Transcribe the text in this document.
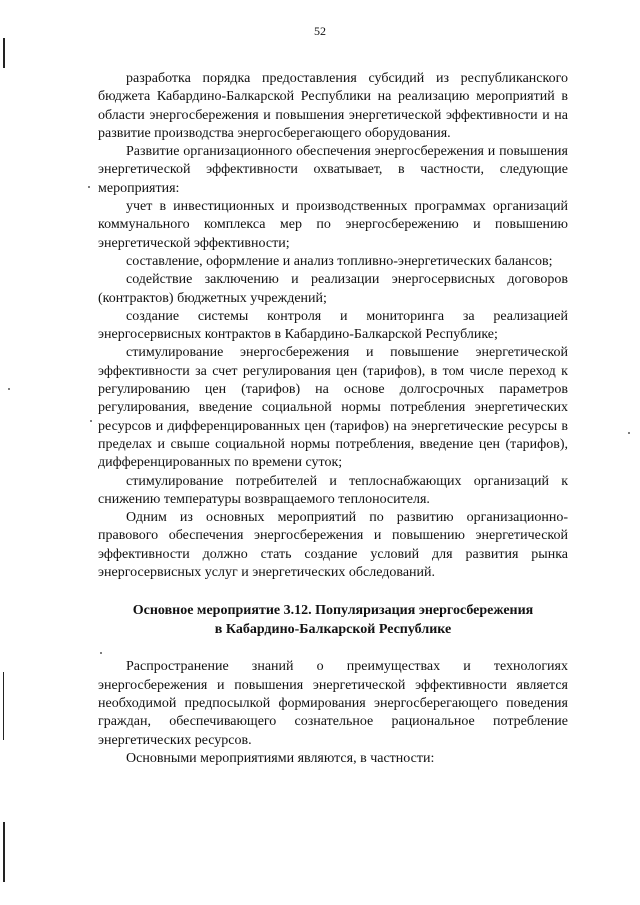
52

разработка порядка предоставления субсидий из республиканского бюджета Кабардино-Балкарской Республики на реализацию мероприятий в области энергосбережения и повышения энергетической эффективности и на развитие производства энергосберегающего оборудования.

Развитие организационного обеспечения энергосбережения и повышения энергетической эффективности охватывает, в частности, следующие мероприятия:

учет в инвестиционных и производственных программах организаций коммунального комплекса мер по энергосбережению и повышению энергетической эффективности;

составление, оформление и анализ топливно-энергетических балансов;

содействие заключению и реализации энергосервисных договоров (контрактов) бюджетных учреждений;

создание системы контроля и мониторинга за реализацией энергосервисных контрактов в Кабардино-Балкарской Республике;

стимулирование энергосбережения и повышение энергетической эффективности за счет регулирования цен (тарифов), в том числе переход к регулированию цен (тарифов) на основе долгосрочных параметров регулирования, введение социальной нормы потребления энергетических ресурсов и дифференцированных цен (тарифов) на энергетические ресурсы в пределах и свыше социальной нормы потребления, введение цен (тарифов), дифференцированных по времени суток;

стимулирование потребителей и теплоснабжающих организаций к снижению температуры возвращаемого теплоносителя.

Одним из основных мероприятий по развитию организационно-правового обеспечения энергосбережения и повышению энергетической эффективности должно стать создание условий для развития рынка энергосервисных услуг и энергетических обследований.

Основное мероприятие 3.12. Популяризация энергосбережения
в Кабардино-Балкарской Республике

Распространение знаний о преимуществах и технологиях энергосбережения и повышения энергетической эффективности является необходимой предпосылкой формирования энергосберегающего поведения граждан, обеспечивающего сознательное рациональное потребление энергетических ресурсов.

Основными мероприятиями являются, в частности:
